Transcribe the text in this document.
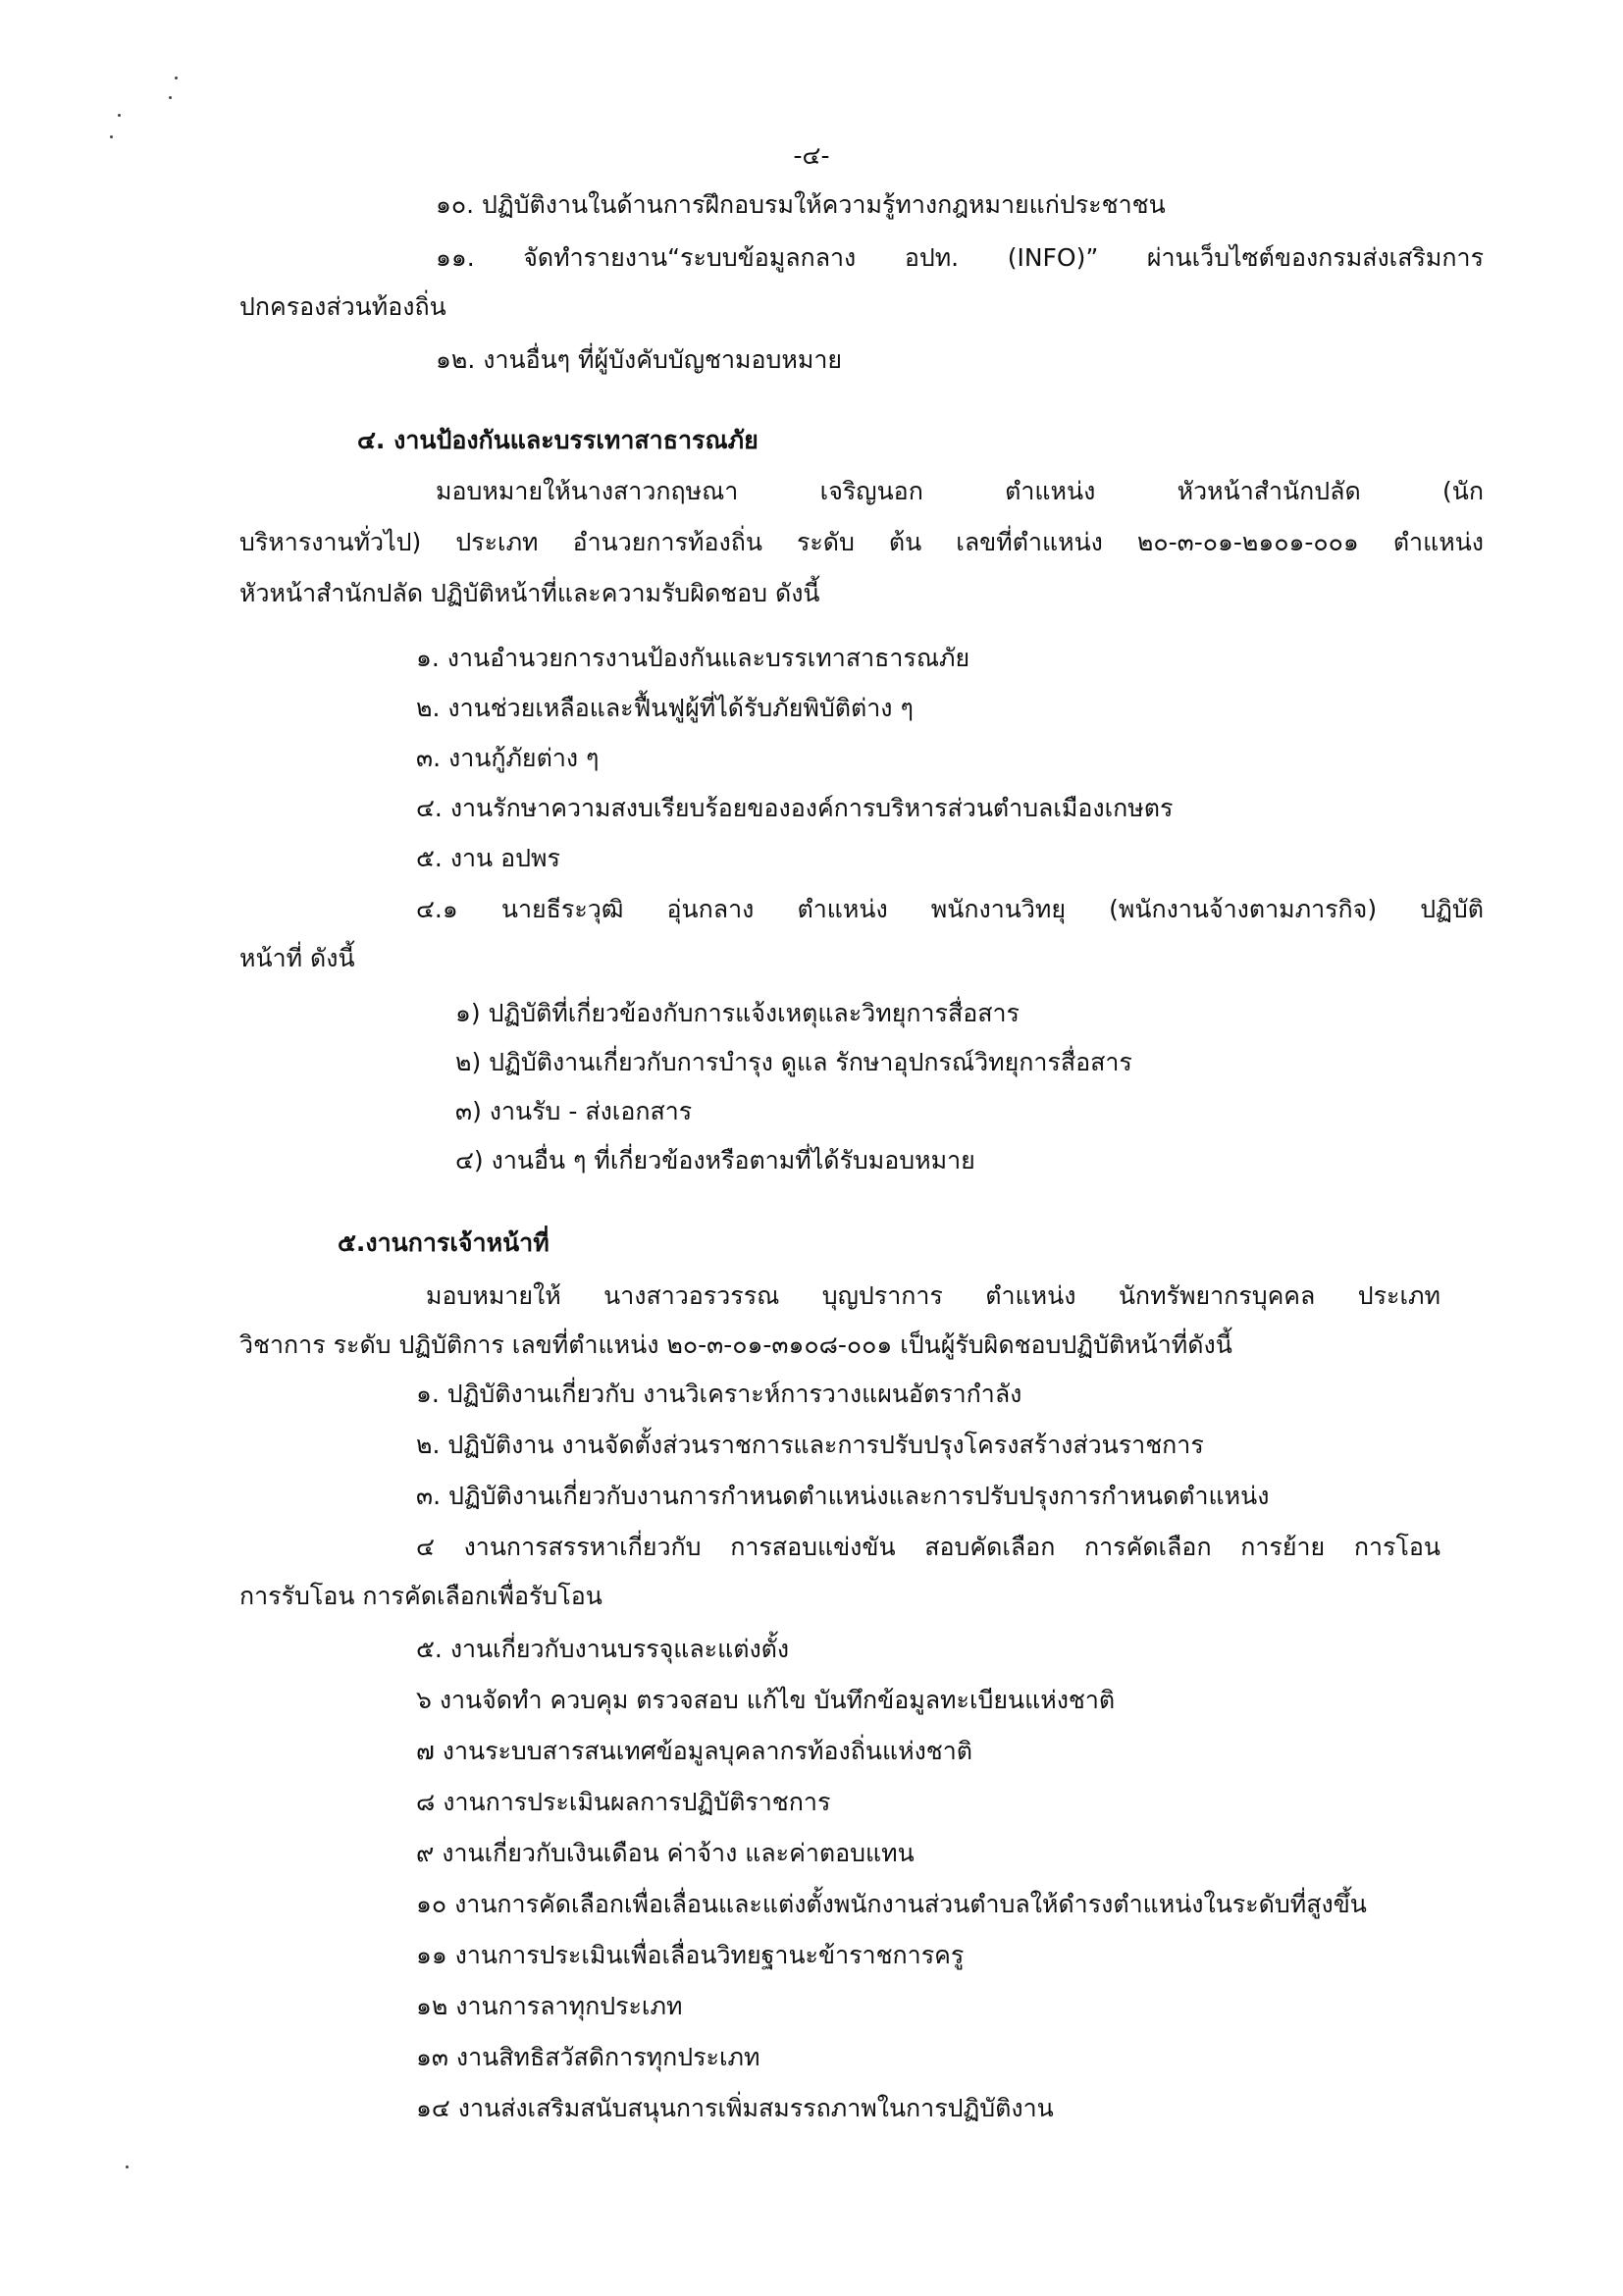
-๔-
๑๐. ปฏิบัติงานในด้านการฝึกอบรมให้ความรู้ทางกฎหมายแก่ประชาชน
๑๑. จัดทำรายงาน“ระบบข้อมูลกลาง อปท. (INFO)” ผ่านเว็บไซต์ของกรมส่งเสริมการ
ปกครองส่วนท้องถิ่น
๑๒. งานอื่นๆ ที่ผู้บังคับบัญชามอบหมาย
๔. งานป้องกันและบรรเทาสาธารณภัย
มอบหมายให้นางสาวกฤษณา เจริญนอก ตำแหน่ง หัวหน้าสำนักปลัด (นัก
บริหารงานทั่วไป) ประเภท อำนวยการท้องถิ่น ระดับ ต้น เลขที่ตำแหน่ง ๒๐-๓-๐๑-๒๑๐๑-๐๐๑ ตำแหน่ง
หัวหน้าสำนักปลัด ปฏิบัติหน้าที่และความรับผิดชอบ ดังนี้
๑. งานอำนวยการงานป้องกันและบรรเทาสาธารณภัย
๒. งานช่วยเหลือและฟื้นฟูผู้ที่ได้รับภัยพิบัติต่าง ๆ
๓. งานกู้ภัยต่าง ๆ
๔. งานรักษาความสงบเรียบร้อยขององค์การบริหารส่วนตำบลเมืองเกษตร
๕. งาน อปพร
๔.๑ นายธีระวุฒิ อุ่นกลาง ตำแหน่ง พนักงานวิทยุ (พนักงานจ้างตามภารกิจ) ปฏิบัติ
หน้าที่ ดังนี้
๑) ปฏิบัติที่เกี่ยวข้องกับการแจ้งเหตุและวิทยุการสื่อสาร
๒) ปฏิบัติงานเกี่ยวกับการบำรุง ดูแล รักษาอุปกรณ์วิทยุการสื่อสาร
๓) งานรับ - ส่งเอกสาร
๔) งานอื่น ๆ ที่เกี่ยวข้องหรือตามที่ได้รับมอบหมาย
๕.งานการเจ้าหน้าที่
มอบหมายให้ นางสาวอรวรรณ บุญปราการ ตำแหน่ง นักทรัพยากรบุคคล ประเภท
วิชาการ ระดับ ปฏิบัติการ เลขที่ตำแหน่ง ๒๐-๓-๐๑-๓๑๐๘-๐๐๑ เป็นผู้รับผิดชอบปฏิบัติหน้าที่ดังนี้
๑. ปฏิบัติงานเกี่ยวกับ งานวิเคราะห์การวางแผนอัตรากำลัง
๒. ปฏิบัติงาน งานจัดตั้งส่วนราชการและการปรับปรุงโครงสร้างส่วนราชการ
๓. ปฏิบัติงานเกี่ยวกับงานการกำหนดตำแหน่งและการปรับปรุงการกำหนดตำแหน่ง
๔ งานการสรรหาเกี่ยวกับ การสอบแข่งขัน สอบคัดเลือก การคัดเลือก การย้าย การโอน
การรับโอน การคัดเลือกเพื่อรับโอน
๕. งานเกี่ยวกับงานบรรจุและแต่งตั้ง
๖ งานจัดทำ ควบคุม ตรวจสอบ แก้ไข บันทึกข้อมูลทะเบียนแห่งชาติ
๗ งานระบบสารสนเทศข้อมูลบุคลากรท้องถิ่นแห่งชาติ
๘ งานการประเมินผลการปฏิบัติราชการ
๙ งานเกี่ยวกับเงินเดือน ค่าจ้าง และค่าตอบแทน
๑๐ งานการคัดเลือกเพื่อเลื่อนและแต่งตั้งพนักงานส่วนตำบลให้ดำรงตำแหน่งในระดับที่สูงขึ้น
๑๑ งานการประเมินเพื่อเลื่อนวิทยฐานะข้าราชการครู
๑๒ งานการลาทุกประเภท
๑๓ งานสิทธิสวัสดิการทุกประเภท
๑๔ งานส่งเสริมสนับสนุนการเพิ่มสมรรถภาพในการปฏิบัติงาน
